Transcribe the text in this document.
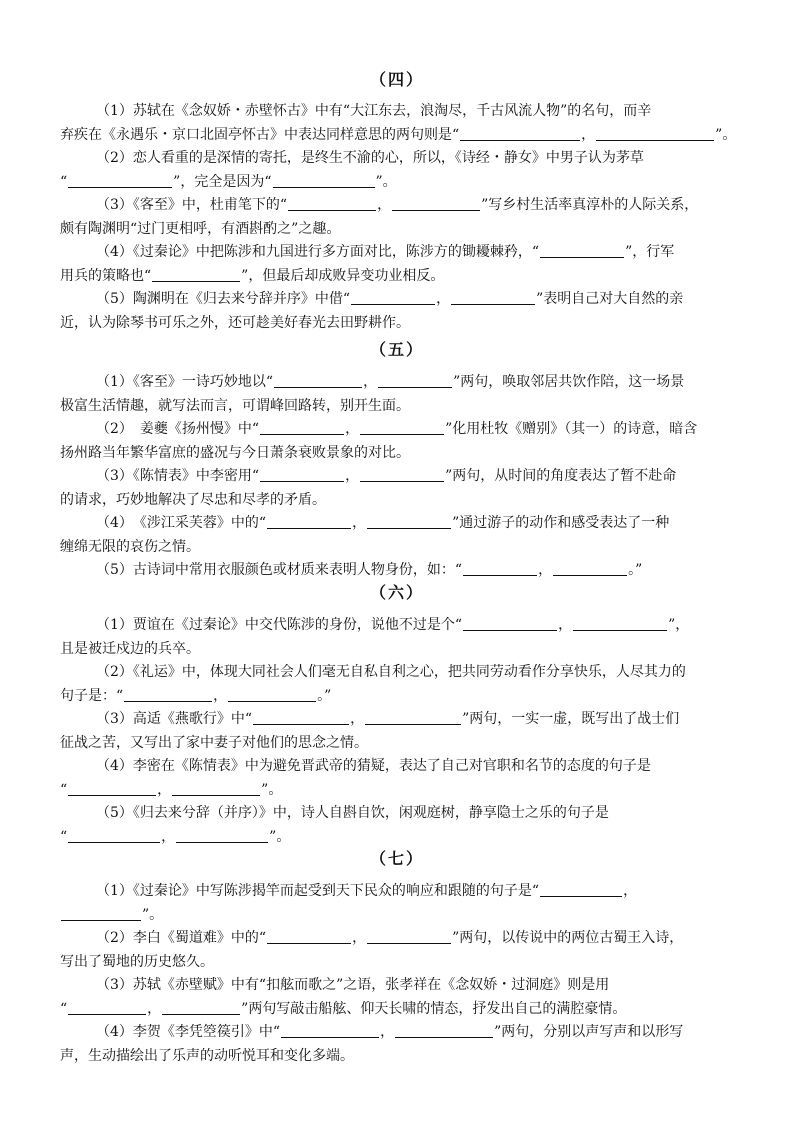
（四）
（1）苏轼在《念奴娇・赤壁怀古》中有“大江东去，浪淘尽，千古风流人物”的名句，而辛
弃疾在《永遇乐・京口北固亭怀古》中表达同样意思的两句则是“	，	”。
（2）恋人看重的是深情的寄托，是终生不渝的心，所以，《诗经・静女》中男子认为茅草
“	”，完全是因为“	”。
（3）《客至》中，杜甫笔下的“	，	”写乡村生活率真淳朴的人际关系，
颇有陶渊明“过门更相呼，有酒斟酌之”之趣。
（4）《过秦论》中把陈涉和九国进行多方面对比，陈涉方的锄耰棘矜，“	”，行军
用兵的策略也“	”，但最后却成败异变功业相反。
（5）陶渊明在《归去来兮辞并序》中借“	，	”表明自己对大自然的亲
近，认为除琴书可乐之外，还可趁美好春光去田野耕作。
（五）
（1）《客至》一诗巧妙地以“	，	”两句，唤取邻居共饮作陪，这一场景
极富生活情趣，就写法而言，可谓峰回路转，别开生面。
（2）　姜夔《扬州慢》中“	，	”化用杜牧《赠别》（其一）的诗意，暗含
扬州路当年繁华富庶的盛况与今日萧条衰败景象的对比。
（3）《陈情表》中李密用“	，	”两句，从时间的角度表达了暂不赴命
的请求，巧妙地解决了尽忠和尽孝的矛盾。
（4）　《涉江采芙蓉》中的“	，	”通过游子的动作和感受表达了一种
缠绵无限的哀伤之情。
（5）古诗词中常用衣服颜色或材质来表明人物身份，如：“	，	。”
（六）
（1）贾谊在《过秦论》中交代陈涉的身份，说他不过是个“	，	”，
且是被迁戍边的兵卒。
（2）《礼运》中，体现大同社会人们毫无自私自利之心，把共同劳动看作分享快乐，人尽其力的
句子是：“	，	。”
（3）高适《燕歌行》中“	，	”两句，一实一虚，既写出了战士们
征战之苦，又写出了家中妻子对他们的思念之情。
（4）李密在《陈情表》中为避免晋武帝的猜疑，表达了自己对官职和名节的态度的句子是
“	，	”。
（5）《归去来兮辞（并序）》中，诗人自斟自饮，闲观庭树，静享隐士之乐的句子是
“	，	”。
（七）
（1）《过秦论》中写陈涉揭竿而起受到天下民众的响应和跟随的句子是“	，
”。
（2）李白《蜀道难》中的“	，	”两句，以传说中的两位古蜀王入诗，
写出了蜀地的历史悠久。
（3）苏轼《赤壁赋》中有“扣舷而歌之”之语，张孝祥在《念奴娇・过洞庭》则是用
“	，	”两句写敲击船舷、仰天长啸的情态，抒发出自己的满腔豪情。
（4）李贺《李凭箜篌引》中“	，	”两句，分别以声写声和以形写
声，生动描绘出了乐声的动听悦耳和变化多端。
